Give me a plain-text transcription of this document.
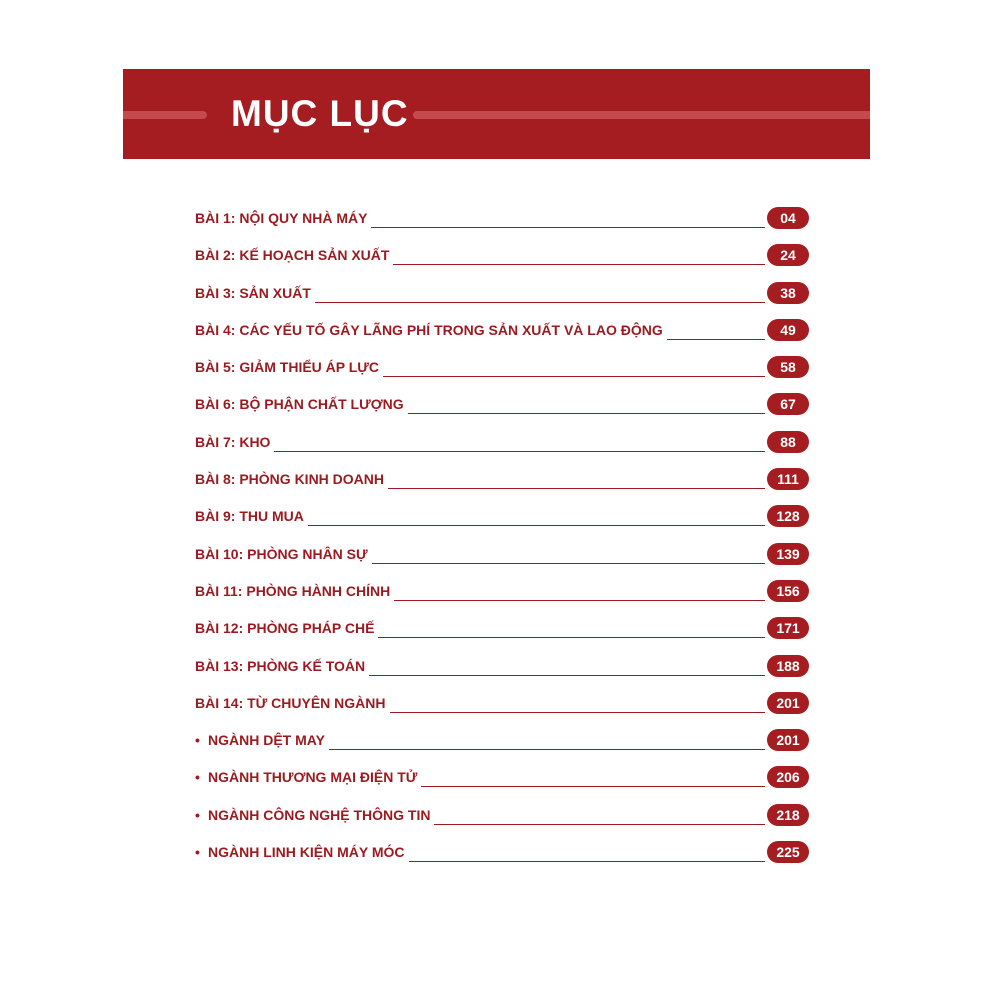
MỤC LỤC
BÀI 1: NỘI QUY NHÀ MÁY	04
BÀI 2: KẾ HOẠCH SẢN XUẤT	24
BÀI 3: SẢN XUẤT	38
BÀI 4: CÁC YẾU TỐ GÂY LÃNG PHÍ TRONG SẢN XUẤT VÀ LAO ĐỘNG	49
BÀI 5: GIẢM THIỂU ÁP LỰC	58
BÀI 6: BỘ PHẬN CHẤT LƯỢNG	67
BÀI 7: KHO	88
BÀI 8: PHÒNG KINH DOANH	111
BÀI 9: THU MUA	128
BÀI 10: PHÒNG NHÂN SỰ	139
BÀI 11: PHÒNG HÀNH CHÍNH	156
BÀI 12: PHÒNG PHÁP CHẾ	171
BÀI 13: PHÒNG KẾ TOÁN	188
BÀI 14: TỪ CHUYÊN NGÀNH	201
• NGÀNH DỆT MAY	201
• NGÀNH THƯƠNG MẠI ĐIỆN TỬ	206
• NGÀNH CÔNG NGHỆ THÔNG TIN	218
• NGÀNH LINH KIỆN MÁY MÓC	225
